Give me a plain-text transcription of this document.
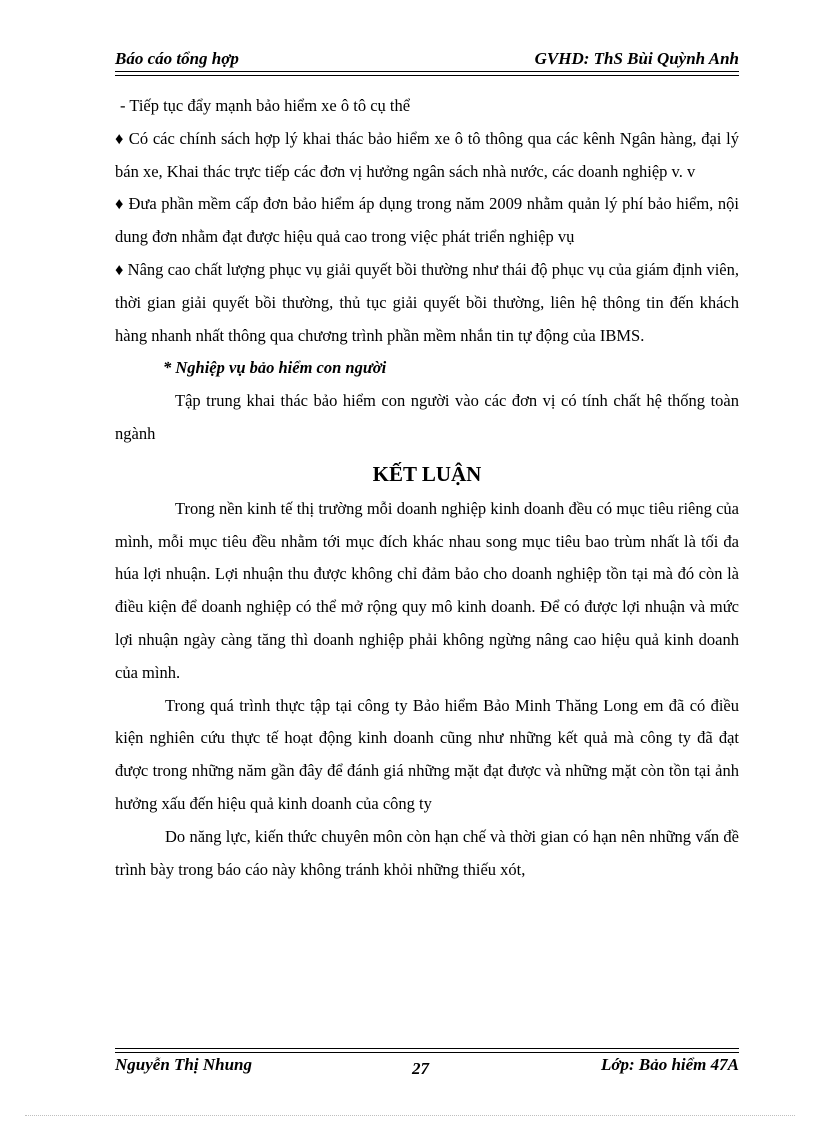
Báo cáo tổng hợp	GVHD: ThS Bùi Quỳnh Anh

- Tiếp tục đẩy mạnh bảo hiểm xe ô tô cụ thể

♦ Có các chính sách hợp lý khai thác bảo hiểm xe ô tô thông qua các kênh Ngân hàng, đại lý bán xe, Khai thác trực tiếp các đơn vị hưởng ngân sách nhà nước, các doanh nghiệp v. v

♦ Đưa phần mềm cấp đơn bảo hiểm áp dụng trong năm 2009 nhằm quản lý phí bảo hiểm, nội dung đơn nhằm đạt được hiệu quả cao trong việc phát triển nghiệp vụ

♦ Nâng cao chất lượng phục vụ giải quyết bồi thường như thái độ phục vụ của giám định viên, thời gian giải quyết bồi thường, thủ tục giải quyết bồi thường, liên hệ thông tin đến khách hàng nhanh nhất thông qua chương trình phần mềm nhắn tin tự động của IBMS.

* Nghiệp vụ bảo hiểm con người

Tập trung khai thác bảo hiểm con người vào các đơn vị có tính chất hệ thống toàn ngành

KẾT LUẬN

Trong nền kinh tế thị trường mỗi doanh nghiệp kinh doanh đều có mục tiêu riêng của mình, mỗi mục tiêu đều nhằm tới mục đích khác nhau song mục tiêu bao trùm nhất là tối đa húa lợi nhuận. Lợi nhuận thu được không chỉ đảm bảo cho doanh nghiệp tồn tại mà đó còn là điều kiện để doanh nghiệp có thể mở rộng quy mô kinh doanh. Để có được lợi nhuận và mức lợi nhuận ngày càng tăng thì doanh nghiệp phải không ngừng nâng cao hiệu quả kinh doanh của mình.

Trong quá trình thực tập tại công ty Bảo hiểm Bảo Minh Thăng Long em đã có điều kiện nghiên cứu thực tế hoạt động kinh doanh cũng như những kết quả mà công ty đã đạt được trong những năm gần đây để đánh giá những mặt đạt được và những mặt còn tồn tại ảnh hưởng xấu đến hiệu quả kinh doanh của công ty

Do năng lực, kiến thức chuyên môn còn hạn chế và thời gian có hạn nên những vấn đề trình bày trong báo cáo này không tránh khỏi những thiếu xót,

Nguyễn Thị Nhung	27	Lớp: Bảo hiểm 47A
